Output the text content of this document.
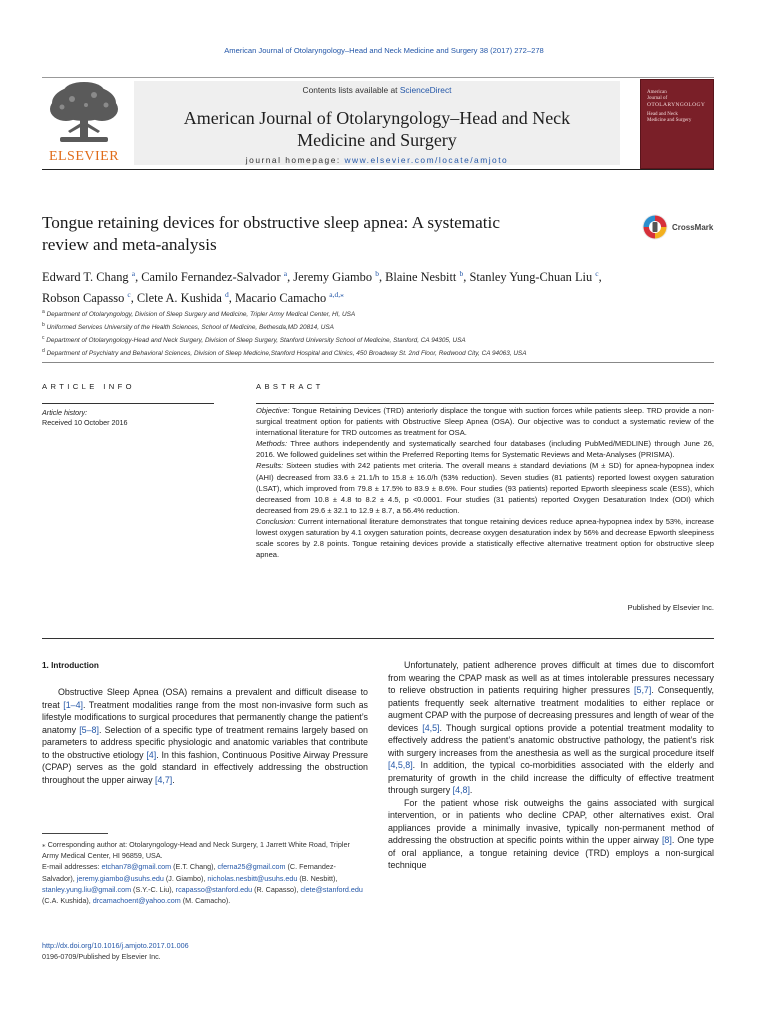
American Journal of Otolaryngology–Head and Neck Medicine and Surgery 38 (2017) 272–278
ELSEVIER
Contents lists available at ScienceDirect
American Journal of Otolaryngology–Head and Neck
Medicine and Surgery
journal homepage: www.elsevier.com/locate/amjoto
American
Journal of
OTOLARYNGOLOGY
Head and Neck
Medicine and Surgery
Tongue retaining devices for obstructive sleep apnea: A systematic
review and meta-analysis
CrossMark
Edward T. Chang $^a$, Camilo Fernandez-Salvador $^a$, Jeremy Giambo $^b$, Blaine Nesbitt $^b$, Stanley Yung-Chuan Liu $^c$,
Robson Capasso $^c$, Clete A. Kushida $^d$, Macario Camacho $^{a,d,⁎}$
$^a$ Department of Otolaryngology, Division of Sleep Surgery and Medicine, Tripler Army Medical Center, HI, USA
$^b$ Uniformed Services University of the Health Sciences, School of Medicine, Bethesda,MD 20814, USA
$^c$ Department of Otolaryngology-Head and Neck Surgery, Division of Sleep Surgery, Stanford University School of Medicine, Stanford, CA 94305, USA
$^d$ Department of Psychiatry and Behavioral Sciences, Division of Sleep Medicine,Stanford Hospital and Clinics, 450 Broadway St. 2nd Floor, Redwood City, CA 94063, USA
ARTICLE INFO	ABSTRACT
Article history:
Received 10 October 2016

Objective: Tongue Retaining Devices (TRD) anteriorly displace the tongue with suction forces while patients sleep. TRD provide a non-surgical treatment option for patients with Obstructive Sleep Apnea (OSA). Our objective was to conduct a systematic review of the international literature for TRD outcomes as treatment for OSA.

Methods: Three authors independently and systematically searched four databases (including PubMed/MEDLINE) through June 26, 2016. We followed guidelines set within the Preferred Reporting Items for Systematic Reviews and Meta-Analyses (PRISMA).

Results: Sixteen studies with 242 patients met criteria. The overall means ± standard deviations (M ± SD) for apnea-hypopnea index (AHI) decreased from 33.6 ± 21.1/h to 15.8 ± 16.0/h (53% reduction). Seven studies (81 patients) reported lowest oxygen saturation (LSAT), which improved from 79.8 ± 17.5% to 83.9 ± 8.6%. Four studies (93 patients) reported Epworth sleepiness scale (ESS), which decreased from 10.8 ± 4.8 to 8.2 ± 4.5, p <0.0001. Four studies (31 patients) reported Oxygen Desaturation Index (ODI) which decreased from 29.6 ± 32.1 to 12.9 ± 8.7, a 56.4% reduction.

Conclusion: Current international literature demonstrates that tongue retaining devices reduce apnea-hypopnea index by 53%, increase lowest oxygen saturation by 4.1 oxygen saturation points, decrease oxygen desaturation index by 56% and decrease Epworth sleepiness scale scores by 2.8 points. Tongue retaining devices provide a statistically effective alternative treatment option for obstructive sleep apnea.

Published by Elsevier Inc.
1. Introduction

Obstructive Sleep Apnea (OSA) remains a prevalent and difficult disease to treat [1–4]. Treatment modalities range from the most non-invasive form such as lifestyle modifications to surgical procedures that permanently change the patient’s anatomy [5–8]. Selection of a specific type of treatment remains largely based on parameters to address specific physiologic and anatomic variables that contribute to the obstructive etiology [4]. In this fashion, Continuous Positive Airway Pressure (CPAP) serves as the gold standard in effectively addressing the obstruction throughout the upper airway [4,7].

Unfortunately, patient adherence proves difficult at times due to discomfort from wearing the CPAP mask as well as at times intolerable pressures necessary to relieve obstruction in patients requiring higher pressures [5,7]. Consequently, patients frequently seek alternative treatment modalities to either replace or augment CPAP with the purpose of decreasing pressures and length of wear of the devices [4,5]. Though surgical options provide a potential treatment modality to effectively address the patient’s anatomic obstructive pathology, the patient’s risk with surgery increases from the anesthesia as well as the surgical procedure itself [4,5,8]. In addition, the typical co-morbidities associated with the elderly and prematurity of growth in the child increase the difficulty of effective treatment through surgery [4,8].

For the patient whose risk outweighs the gains associated with surgical intervention, or in patients who decline CPAP, other alternatives exist. Oral appliances provide a minimally invasive, typically non-permanent method of addressing the obstruction at specific points within the upper airway [8]. One type of oral appliance, a tongue retaining device (TRD) employs a non-surgical technique

⁎ Corresponding author at: Otolaryngology-Head and Neck Surgery, 1 Jarrett White Road, Tripler Army Medical Center, HI 96859, USA.

E-mail addresses: etchan78@gmail.com (E.T. Chang), cferna25@gmail.com (C. Fernandez-Salvador), jeremy.giambo@usuhs.edu (J. Giambo), nicholas.nesbitt@usuhs.edu (B. Nesbitt), stanley.yung.liu@gmail.com (S.Y.-C. Liu), rcapasso@stanford.edu (R. Capasso), clete@stanford.edu (C.A. Kushida), drcamachoent@yahoo.com (M. Camacho).

http://dx.doi.org/10.1016/j.amjoto.2017.01.006
0196-0709/Published by Elsevier Inc.
